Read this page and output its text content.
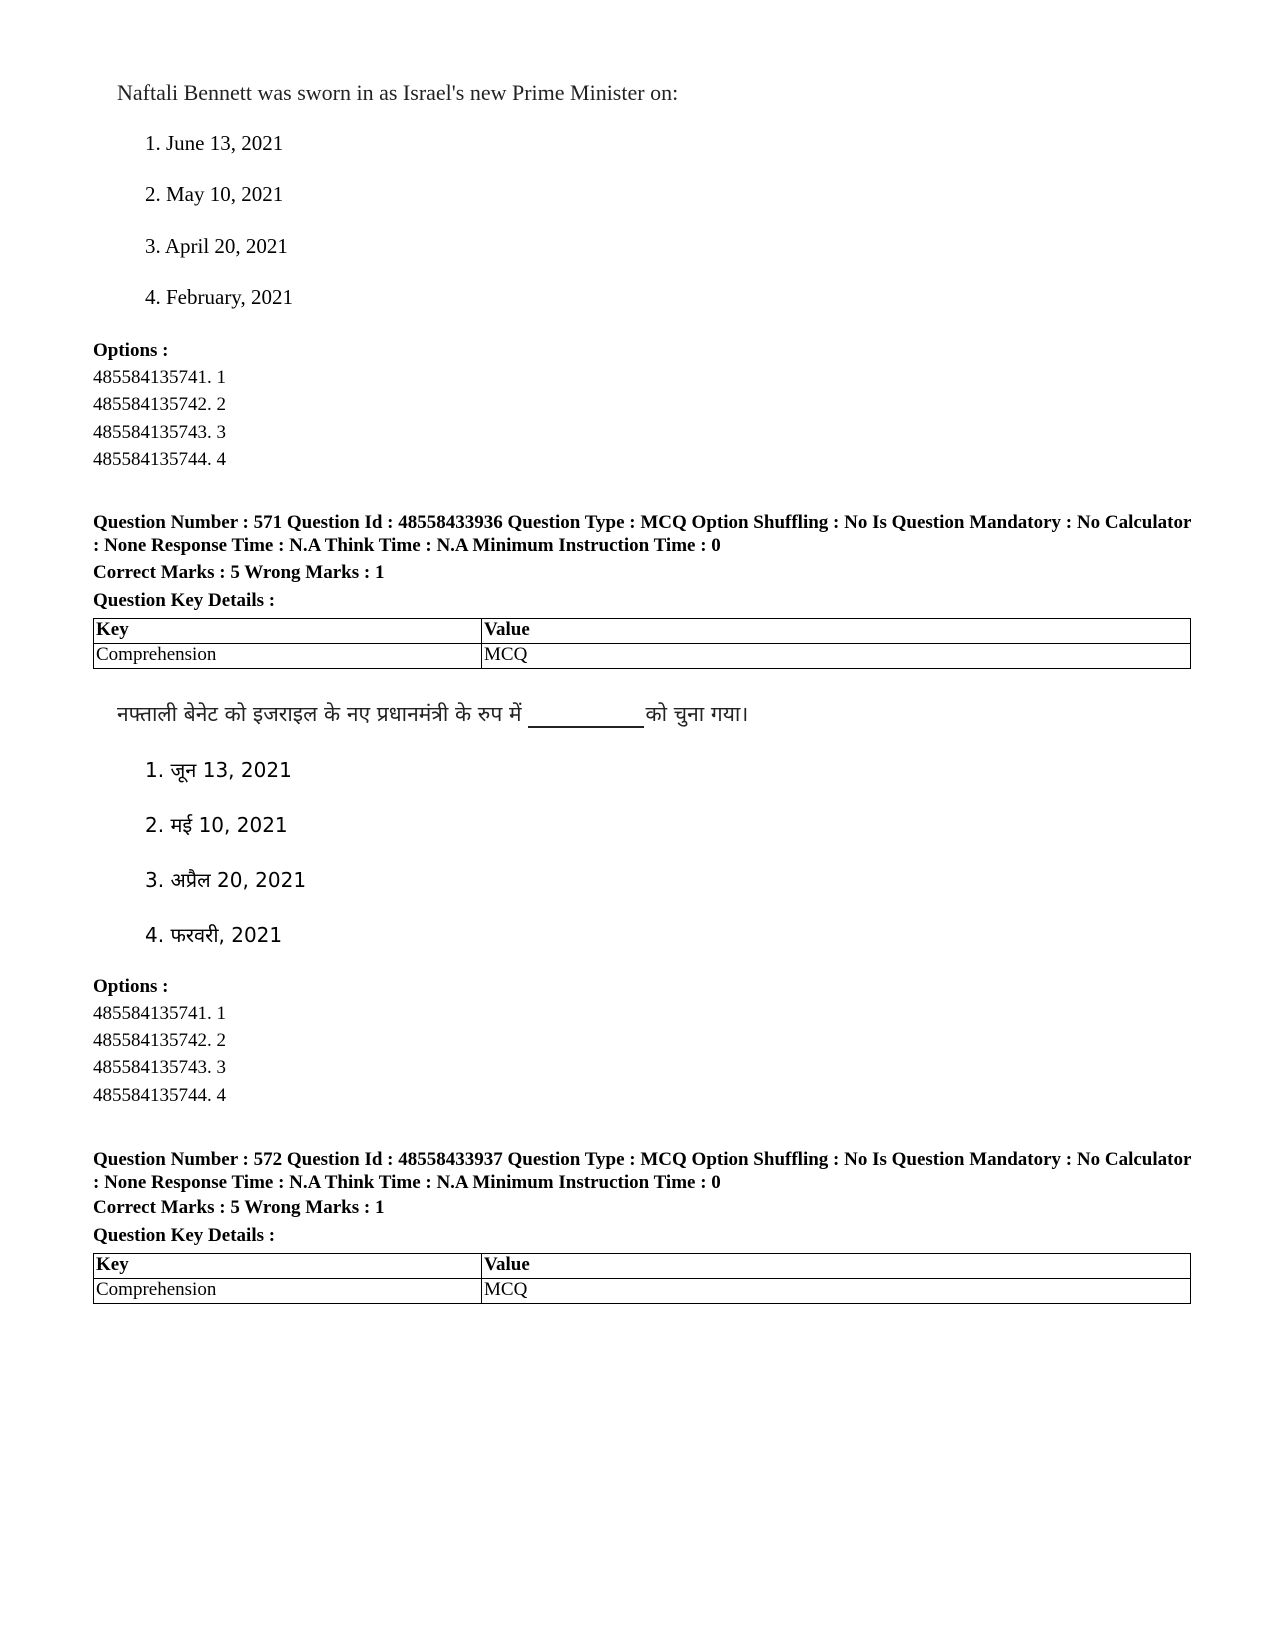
Naftali Bennett was sworn in as Israel's new Prime Minister on:
1. June 13, 2021
2. May 10, 2021
3. April 20, 2021
4. February, 2021
Options :
485584135741. 1
485584135742. 2
485584135743. 3
485584135744. 4
Question Number : 571 Question Id : 48558433936 Question Type : MCQ Option Shuffling : No Is Question Mandatory : No Calculator : None Response Time : N.A Think Time : N.A Minimum Instruction Time : 0
Correct Marks : 5 Wrong Marks : 1
Question Key Details :
Key	Value
Comprehension	MCQ
नफ्ताली बेनेट को इजराइल के नए प्रधानमंत्री के रुप में	को चुना गया।
1. जून 13, 2021
2. मई 10, 2021
3. अप्रैल 20, 2021
4. फरवरी, 2021
Options :
485584135741. 1
485584135742. 2
485584135743. 3
485584135744. 4
Question Number : 572 Question Id : 48558433937 Question Type : MCQ Option Shuffling : No Is Question Mandatory : No Calculator : None Response Time : N.A Think Time : N.A Minimum Instruction Time : 0
Correct Marks : 5 Wrong Marks : 1
Question Key Details :
Key	Value
Comprehension	MCQ
